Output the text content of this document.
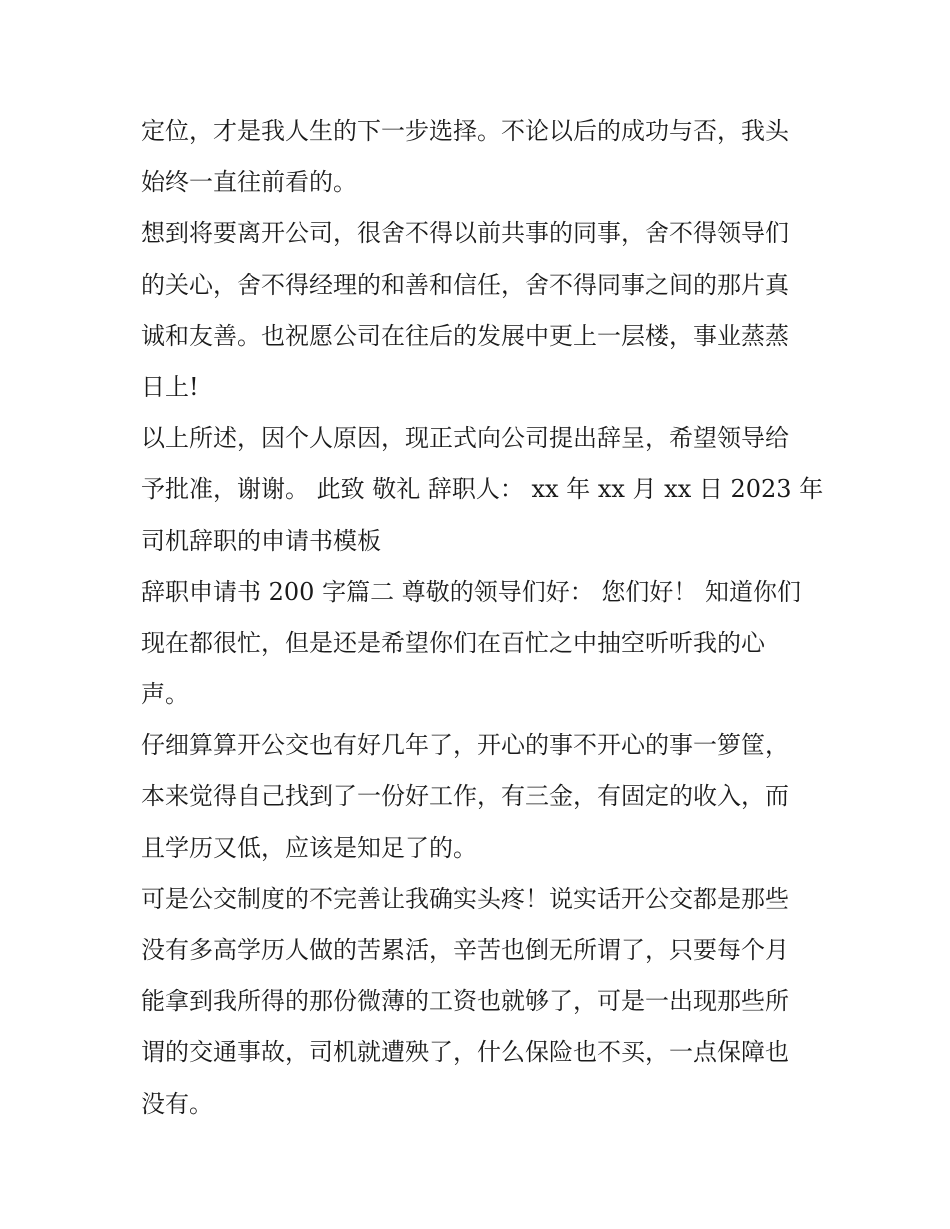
定位，才是我人生的下一步选择。不论以后的成功与否，我头
始终一直往前看的。
想到将要离开公司，很舍不得以前共事的同事，舍不得领导们
的关心，舍不得经理的和善和信任，舍不得同事之间的那片真
诚和友善。也祝愿公司在往后的发展中更上一层楼，事业蒸蒸
日上!
以上所述，因个人原因，现正式向公司提出辞呈，希望领导给
予批准，谢谢。 此致 敬礼 辞职人： xx 年 xx 月 xx 日 2023 年
司机辞职的申请书模板
辞职申请书 200 字篇二 尊敬的领导们好： 您们好！ 知道你们
现在都很忙，但是还是希望你们在百忙之中抽空听听我的心
声。
仔细算算开公交也有好几年了，开心的事不开心的事一箩筐，
本来觉得自己找到了一份好工作，有三金，有固定的收入，而
且学历又低，应该是知足了的。
可是公交制度的不完善让我确实头疼！说实话开公交都是那些
没有多高学历人做的苦累活，辛苦也倒无所谓了，只要每个月
能拿到我所得的那份微薄的工资也就够了，可是一出现那些所
谓的交通事故，司机就遭殃了，什么保险也不买，一点保障也
没有。
